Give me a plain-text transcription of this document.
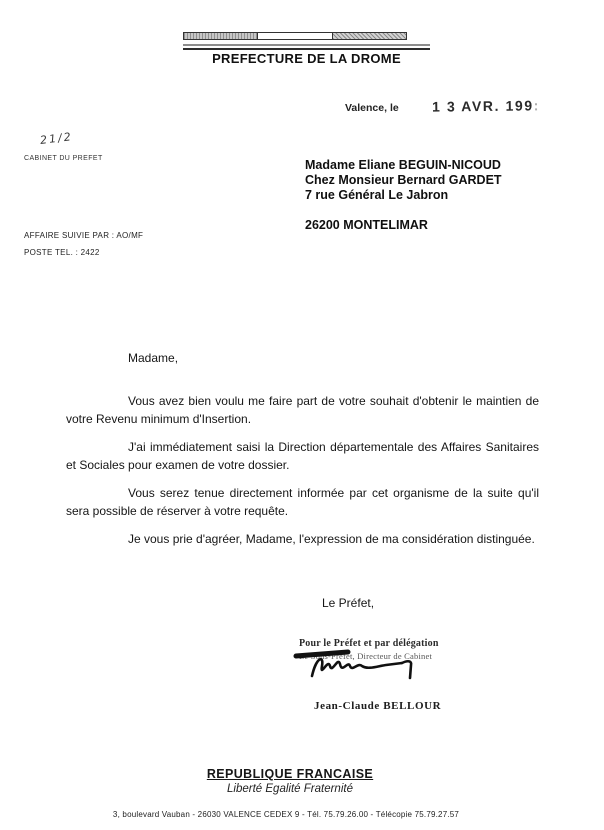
PREFECTURE DE LA DROME
Valence, le 1 3 AVR. 199:
21/2
CABINET DU PREFET
AFFAIRE SUIVIE PAR : AO/MF
POSTE TEL. : 2422
Madame Eliane BEGUIN-NICOUD
Chez Monsieur Bernard GARDET
7 rue Général Le Jabron
26200 MONTELIMAR
Madame,

Vous avez bien voulu me faire part de votre souhait d'obtenir le maintien de votre Revenu minimum d'Insertion.

J'ai immédiatement saisi la Direction départementale des Affaires Sanitaires et Sociales pour examen de votre dossier.

Vous serez tenue directement informée par cet organisme de la suite qu'il sera possible de réserver à votre requête.

Je vous prie d'agréer, Madame, l'expression de ma considération distinguée.

Le Préfet,
Pour le Préfet et par délégation
Le Sous-Préfet, Directeur de Cabinet
Jean-Claude BELLOUR
REPUBLIQUE FRANCAISE
Liberté Egalité Fraternité
3, boulevard Vauban - 26030 VALENCE CEDEX 9 - Tél. 75.79.26.00 - Télécopie 75.79.27.57
